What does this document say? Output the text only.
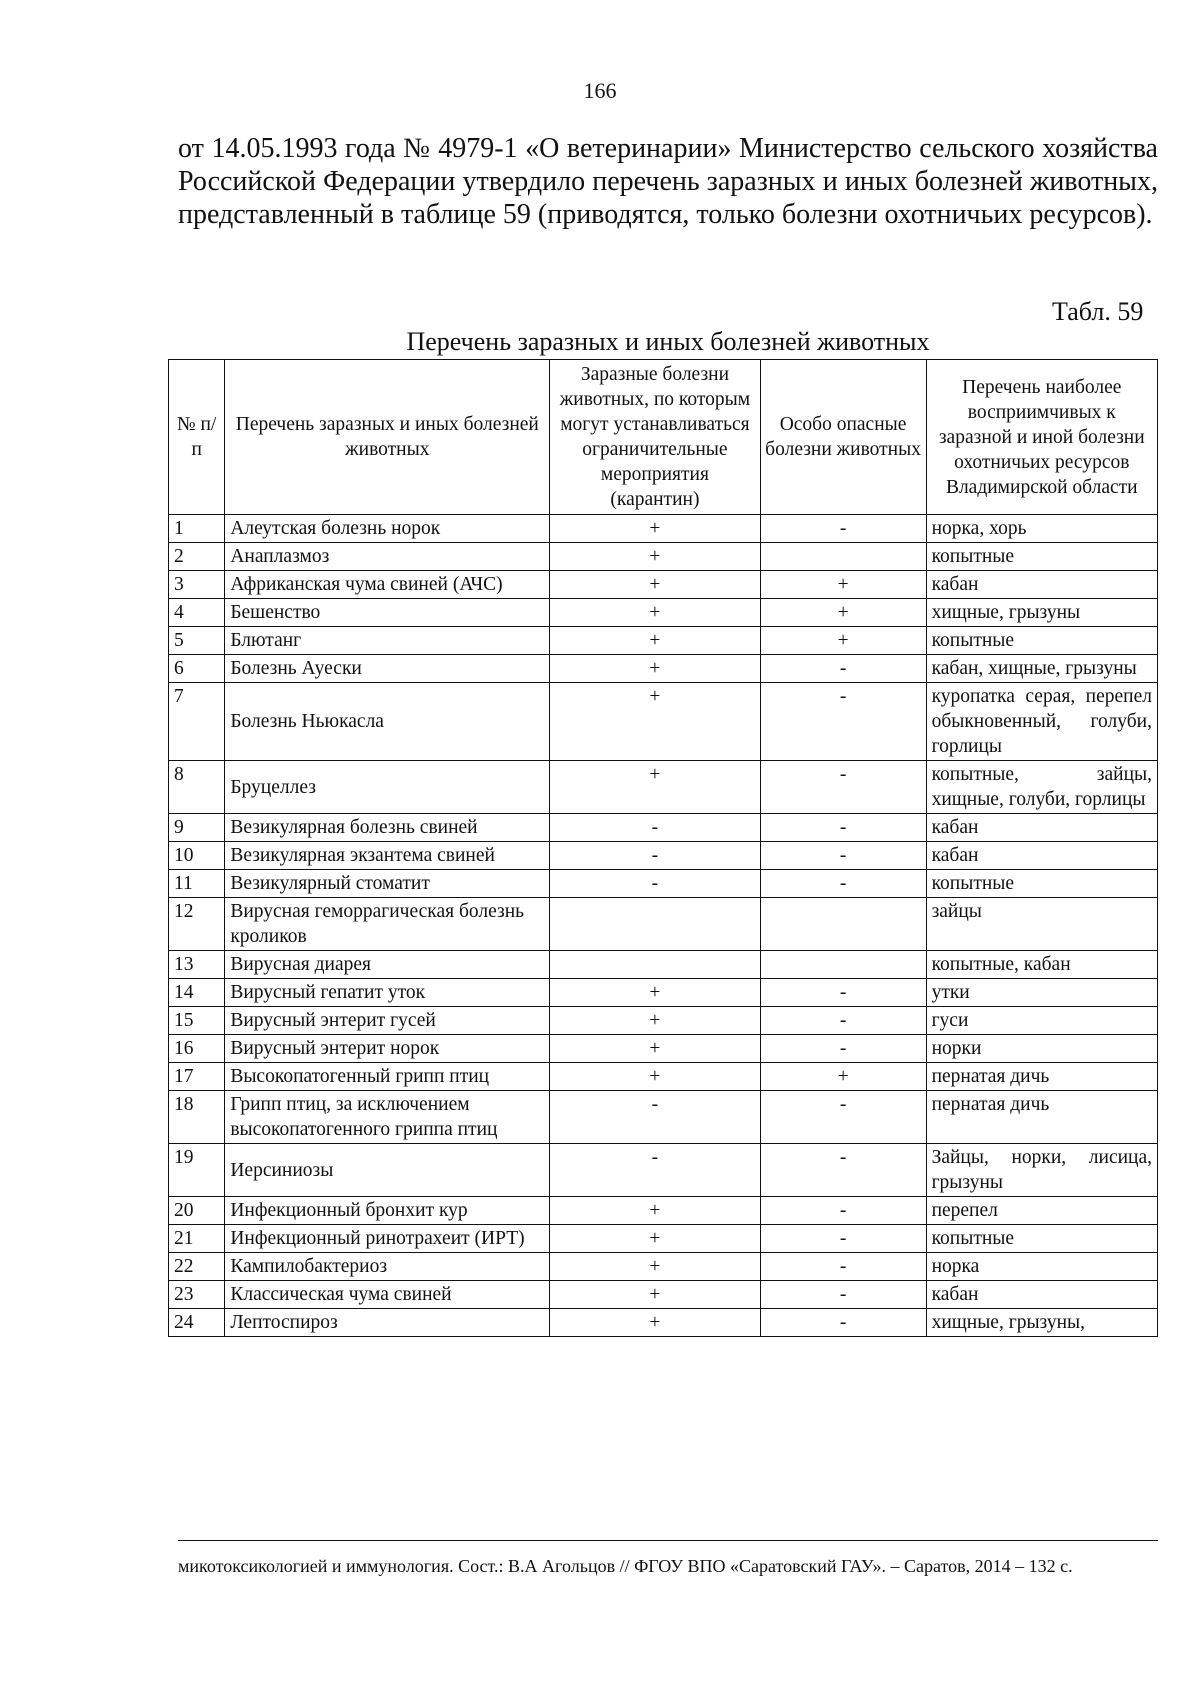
166

от 14.05.1993 года № 4979-1 «О ветеринарии» Министерство сельского хозяйства Российской Федерации утвердило перечень заразных и иных болезней животных, представленный в таблице 59 (приводятся, только болезни охотничьих ресурсов).

Табл. 59
Перечень заразных и иных болезней животных
№ п/п	Перечень заразных и иных болезней животных	Заразные болезни животных, по которым могут устанавливаться ограничительные мероприятия (карантин)	Особо опасные болезни животных	Перечень наиболее восприимчивых к заразной и иной болезни охотничьих ресурсов Владимирской области
1	Алеутская болезнь норок	+	-	норка, хорь
2	Анаплазмоз	+		копытные
3	Африканская чума свиней (АЧС)	+	+	кабан
4	Бешенство	+	+	хищные, грызуны
5	Блютанг	+	+	копытные
6	Болезнь Ауески	+	-	кабан, хищные, грызуны
7	Болезнь Ньюкасла	+	-	куропатка серая, перепел обыкновенный, голуби, горлицы
8	Бруцеллез	+	-	копытные, зайцы, хищные, голуби, горлицы
9	Везикулярная болезнь свиней	-	-	кабан
10	Везикулярная экзантема свиней	-	-	кабан
11	Везикулярный стоматит	-	-	копытные
12	Вирусная геморрагическая болезнь кроликов			зайцы
13	Вирусная диарея			копытные, кабан
14	Вирусный гепатит уток	+	-	утки
15	Вирусный энтерит гусей	+	-	гуси
16	Вирусный энтерит норок	+	-	норки
17	Высокопатогенный грипп птиц	+	+	пернатая дичь
18	Грипп птиц, за исключением высокопатогенного гриппа птиц	-	-	пернатая дичь
19	Иерсиниозы	-	-	Зайцы, норки, лисица, грызуны
20	Инфекционный бронхит кур	+	-	перепел
21	Инфекционный ринотрахеит (ИРТ)	+	-	копытные
22	Кампилобактериоз	+	-	норка
23	Классическая чума свиней	+	-	кабан
24	Лептоспироз	+	-	хищные, грызуны,

микотоксикологией и иммунология. Сост.: В.А Агольцов // ФГОУ ВПО «Саратовский ГАУ». – Саратов, 2014 – 132 с.
